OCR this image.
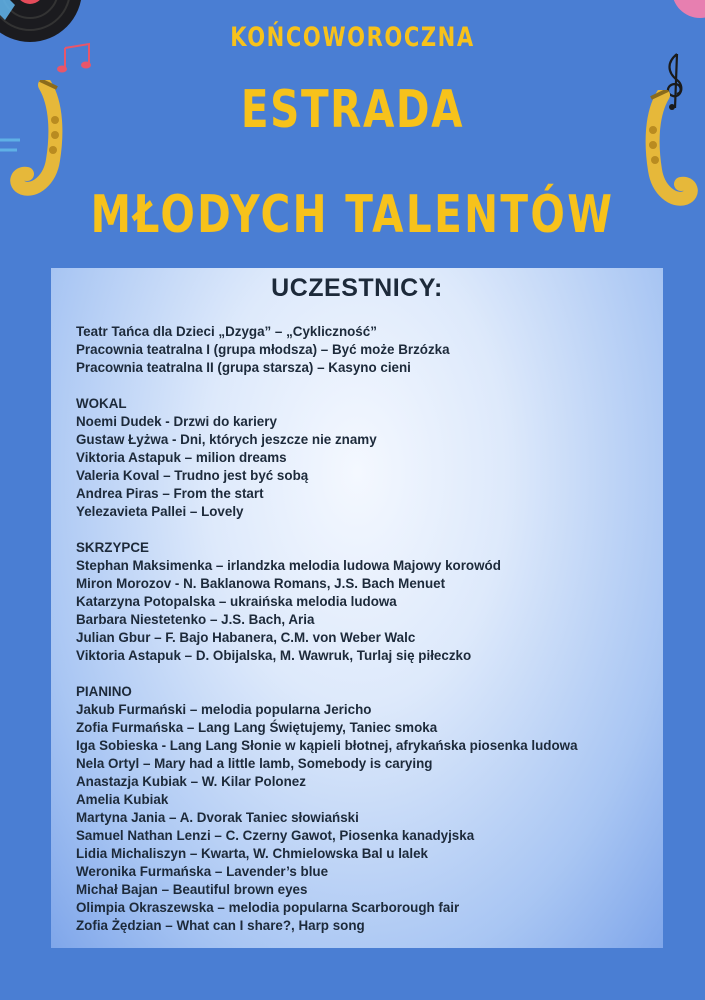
KOŃCOWOROCZNA
ESTRADA
MŁODYCH TALENTÓW
UCZESTNICY:
Teatr Tańca dla Dzieci „Dzyga” – „Cykliczność”
Pracownia teatralna I (grupa młodsza) – Być może Brzózka
Pracownia teatralna II (grupa starsza) – Kasyno cieni
WOKAL
Noemi Dudek - Drzwi do kariery
Gustaw Łyżwa - Dni, których jeszcze nie znamy
Viktoria Astapuk – milion dreams
Valeria Koval – Trudno jest być sobą
Andrea Piras – From the start
Yelezavieta Pallei – Lovely
SKRZYPCE
Stephan Maksimenka – irlandzka melodia ludowa Majowy korowód
Miron Morozov - N. Baklanowa Romans, J.S. Bach Menuet
Katarzyna Potopalska – ukraińska melodia ludowa
Barbara Niestetenko – J.S. Bach, Aria
Julian Gbur – F. Bajo Habanera, C.M. von Weber Walc
Viktoria Astapuk – D. Obijalska, M. Wawruk, Turlaj się piłeczko
PIANINO
Jakub Furmański – melodia popularna Jericho
Zofia Furmańska – Lang Lang Świętujemy, Taniec smoka
Iga Sobieska - Lang Lang Słonie w kąpieli błotnej, afrykańska piosenka ludowa
Nela Ortyl – Mary had a little lamb, Somebody is carying
Anastazja Kubiak – W. Kilar Polonez
Amelia Kubiak
Martyna Jania – A. Dvorak Taniec słowiański
Samuel Nathan Lenzi – C. Czerny Gawot, Piosenka kanadyjska
Lidia Michaliszyn – Kwarta, W. Chmielowska Bal u lalek
Weronika Furmańska – Lavender’s blue
Michał Bajan – Beautiful brown eyes
Olimpia Okraszewska – melodia popularna Scarborough fair
Zofia Żędzian – What can I share?, Harp song
